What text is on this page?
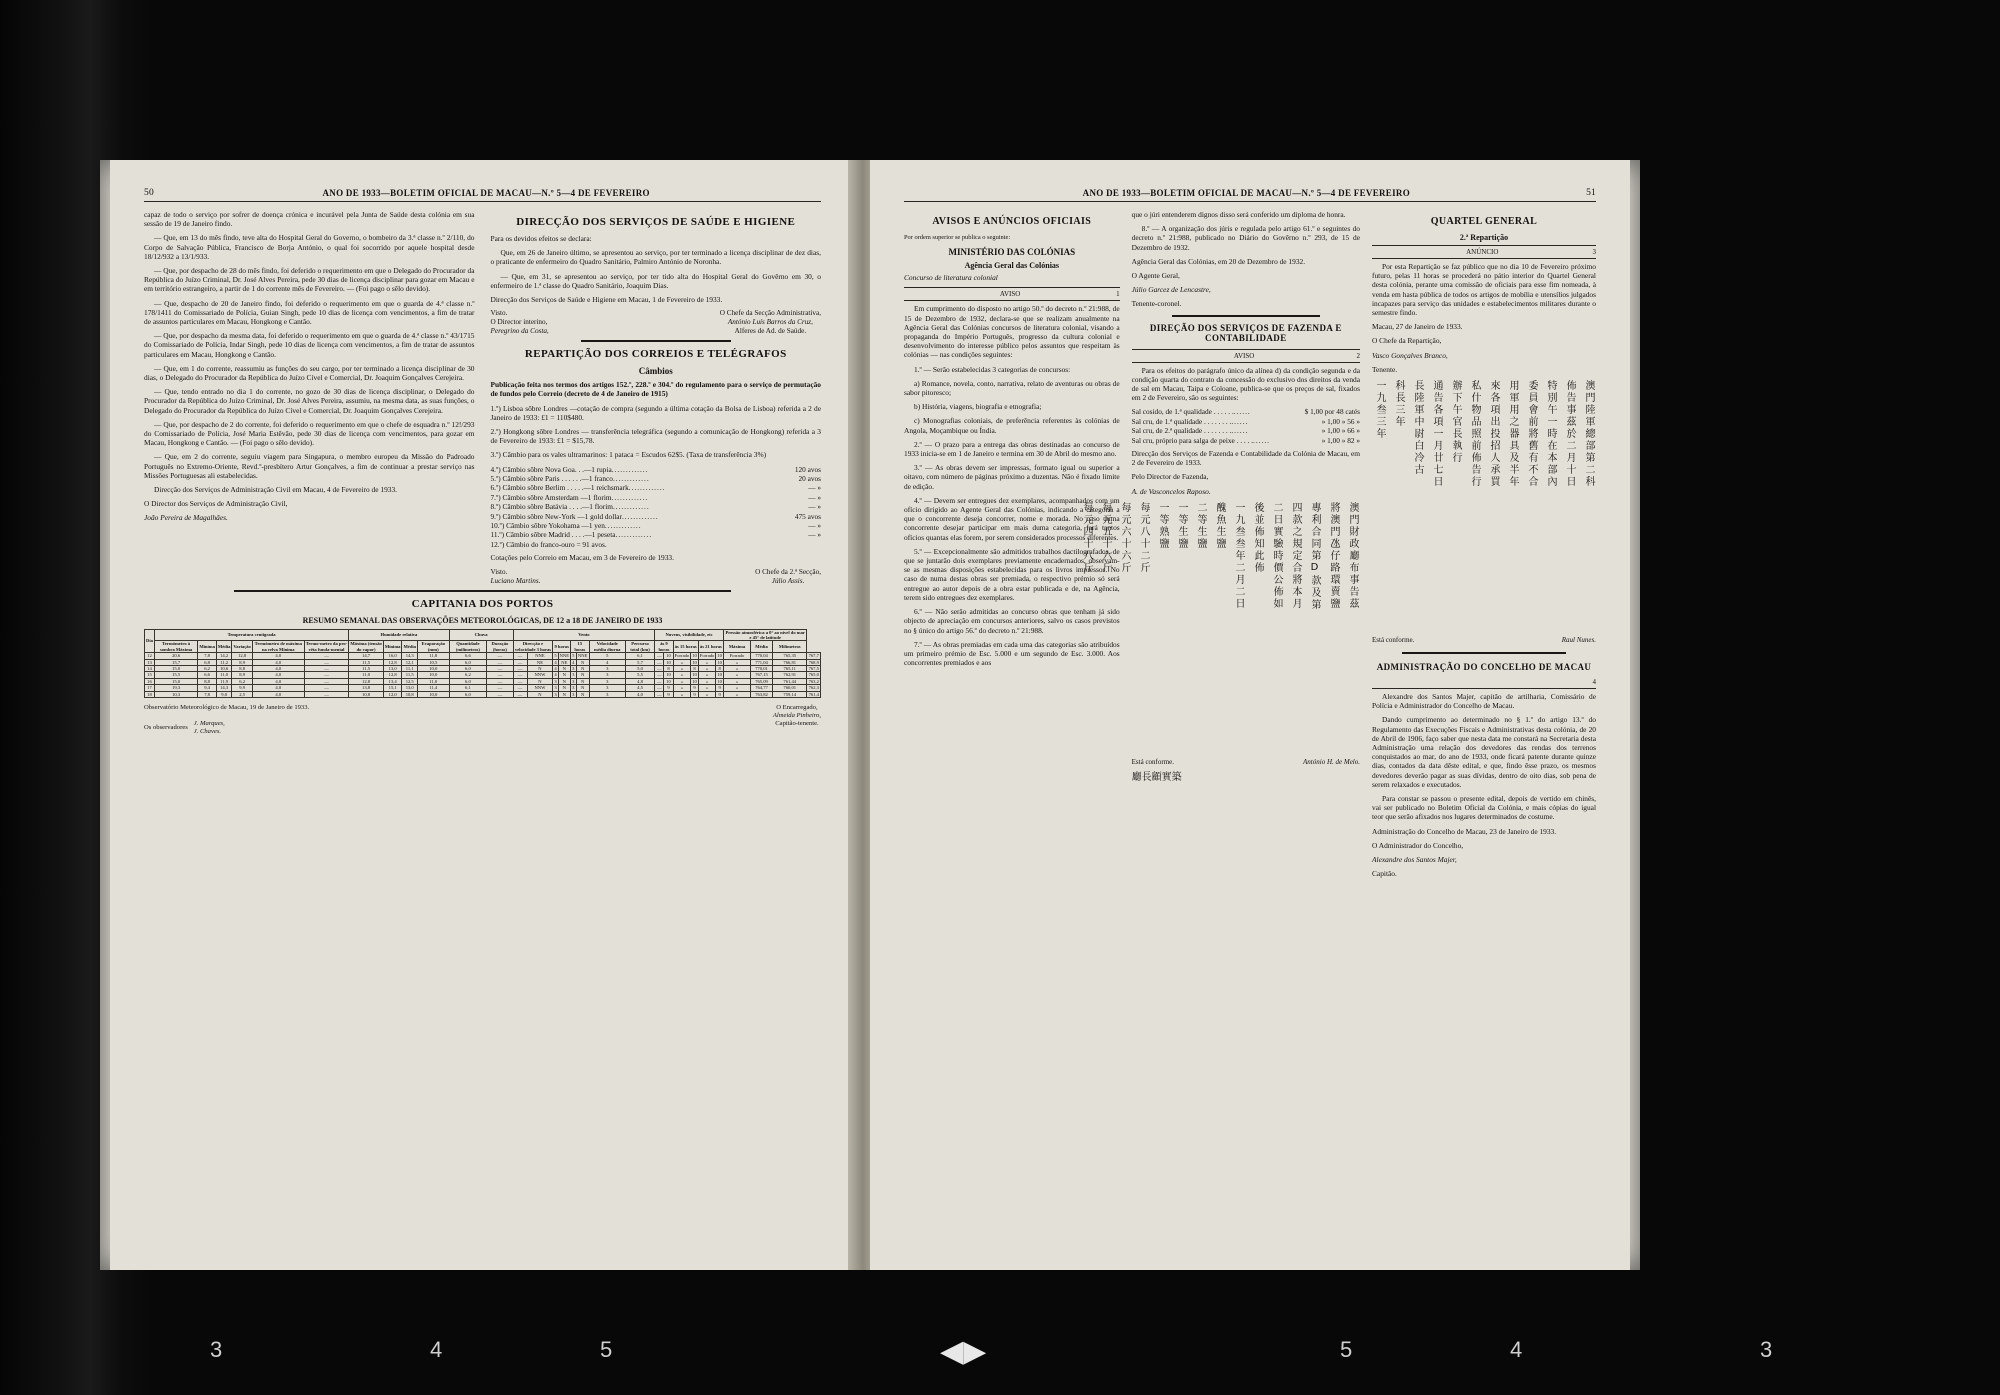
50	ANO DE 1933—BOLETIM OFICIAL DE MACAU—N.º 5—4 DE FEVEREIRO

capaz de todo o serviço por sofrer de doença crónica e incurável pela Junta de Saúde desta colónia em sua sessão de 19 de Janeiro findo.

— Que, em 13 do mês findo, teve alta do Hospital Geral do Governo, o bombeiro da 3.ª classe n.º 2/110, do Corpo de Salvação Pública, Francisco de Borja António, o qual foi socorrido por aquele hospital desde 18/12/932 a 13/1/933.

— Que, por despacho de 28 do mês findo, foi deferido o requerimento em que o Delegado do Procurador da República do Juízo Criminal, Dr. José Alves Pereira, pede 30 dias de licença disciplinar para gozar em Macau e em território estrangeiro, a partir de 1 do corrente mês de Fevereiro. — (Foi pago o sêlo devido).

— Que, despacho de 20 de Janeiro findo, foi deferido o requerimento em que o guarda de 4.ª classe n.º 178/1411 do Comissariado de Polícia, Guian Singh, pede 10 dias de licença com vencimentos, a fim de tratar de assuntos particulares em Macau, Hongkong e Cantão.

— Que, por despacho da mesma data, foi deferido o requerimento em que o guarda de 4.ª classe n.º 43/1715 do Comissariado de Polícia, Indar Singh, pede 10 dias de licença com vencimentos, a fim de tratar de assuntos particulares em Macau, Hongkong e Cantão.

— Que, em 1 do corrente, reassumiu as funções do seu cargo, por ter terminado a licença disciplinar de 30 dias, o Delegado do Procurador da República do Juízo Cível e Comercial, Dr. Joaquim Gonçalves Cerejeira.

— Que, tendo entrado no dia 1 do corrente, no gozo de 30 dias de licença disciplinar, o Delegado do Procurador da República do Juízo Criminal, Dr. José Alves Pereira, assumiu, na mesma data, as suas funções, o Delegado do Procurador da República do Juízo Cível e Comercial, Dr. Joaquim Gonçalves Cerejeira.

— Que, por despacho de 2 do corrente, foi deferido o requerimento em que o chefe de esquadra n.º 12!/293 do Comissariado de Polícia, José Maria Estêvão, pede 30 dias de licença com vencimentos, para gozar em Macau, Hongkong e Cantão. — (Foi pago o sêlo devido).

— Que, em 2 do corrente, seguiu viagem para Singapura, o membro europeu da Missão do Padroado Português no Extremo-Oriente, Revd.º-presbítero Artur Gonçalves, a fim de continuar a prestar serviço nas Missões Portuguesas ali estabelecidas.

Direcção dos Serviços de Administração Civil em Macau, 4 de Fevereiro de 1933.

O Director dos Serviços de Administração Civil,

João Pereira de Magalhães.

DIRECÇÃO DOS SERVIÇOS DE SAÚDE E HIGIENE

Para os devidos efeitos se declara:

Que, em 26 de Janeiro último, se apresentou ao serviço, por ter terminado a licença disciplinar de dez dias, o praticante de enfermeiro do Quadro Sanitário, Palmiro António de Noronha.

— Que, em 31, se apresentou ao serviço, por ter tido alta do Hospital Geral do Govêrno em 30, o enfermeiro de 1.ª classe do Quadro Sanitário, Joaquim Dias.

Direcção dos Serviços de Saúde e Higiene em Macau, 1 de Fevereiro de 1933.

Visto.
O Director interino,
Peregrino da Costa,
O Chefe da Secção Administrativa,
António Luís Barros da Cruz,
Alferes de Ad. de Saúde.
REPARTIÇÃO DOS CORREIOS E TELÉGRAFOS
Câmbios

Publicação feita nos termos dos artigos 152.º, 228.º e 304.º do regulamento para o serviço de permutação de fundos pelo Correio (decreto de 4 de Janeiro de 1915)

1.º) Lisboa sôbre Londres —cotação de compra (segundo a última cotação da Bolsa de Lisboa) referida a 2 de Janeiro de 1933: £1 = 110$480.

2.º) Hongkong sôbre Londres — transferência telegráfica (segundo a comunicação de Hongkong) referida a 3 de Fevereiro de 1933: £1 = $15,78.

3.º) Câmbio para os vales ultramarinos: 1 pataca = Escudos 62$5. (Taxa de transferência 3%)

4.º) Câmbio sôbre Nova Goa. . .—1 rupia .............	120 avos
5.º) Câmbio sôbre Paris . . . . . .—1 franco .............	20 avos
6.º) Câmbio sôbre Berlim . . . . .—1 reichsmark .............	— »
7.º) Câmbio sôbre Amsterdam —1 florim .............	— »
8.º) Câmbio sôbre Batávia . . . .—1 florim .............	— »
9.º) Câmbio sôbre New-York —1 gold dollar .............	475 avos
10.º) Câmbio sôbre Yokohama —1 yen .............	— »
11.º) Câmbio sôbre Madrid . . . .—1 peseta .............	— »
12.º) Câmbio do franco-ouro = 91 avos.

Cotações pelo Correio em Macau, em 3 de Fevereiro de 1933.

Visto.
Luciano Martins.
O Chefe da 2.ª Secção,
Júlio Assis.
CAPITANIA DOS PORTOS
RESUMO SEMANAL DAS OBSERVAÇÕES METEOROLÓGICAS, DE 12 a 18 DE JANEIRO DE 1933
Dia	Temperatura centígrada						Humidade relativa				Chuva		Vento								Nuvens, visibilidade, etc						Pressão atmosférica a 0° ao nível do mar e 45° de latitude			
	Termómetro à sombra Máxima	Mínima	Média	Variação	Termómetro de máxima na relva Mínima	Termo-metro da pro-vêta funda-mental	Máxima (tensão do vapor)	Mínima	Média	Evaporação (mm)	Quantidade (milímetros)	Duração (horas)	Direcção e velocidade 3 horas		9 horas		15 horas		Velocidade média diurna	Percurso total (km)	às 9 horas		às 15 horas		às 21 horas		Máxima	Média	Milímetros	
12	20,6	7,8	14,2	12,8	4,0	—	14,7	16,0	14,3	11,8	6,6	—	—	NNE	5	NNE	5	NNE	5	6,1	—	10	Forrado	10	Forrado	10	Forrado	770,04	765,35	767,7
13	15,7	6,8	11,2	8,9	4,0	—	11,5	12,8	12,1	10,5	6,0	—	—	NE	4	NE	4	N	4	5,7	—	10	»	10	»	10	»	771,04	766,81	768,9
14	15,0	6,2	10,6	8,8	4,0	—	11,5	13,0	11,1	10,0	6,0	—	—	N	4	N	3	N	3	5,0	—	8	»	8	»	8	»	770,01	765,11	767,5
15	15,5	6,6	11,0	8,9	4,0	—	11,0	12,8	11,5	10,0	6,2	—	—	NNW	4	N	3	N	3	5,5	—	10	»	10	»	10	»	767,15	762,91	765,0
16	15,0	8,8	11,9	6,2	4,0	—	12,8	13,4	12,5	11,0	6,0	—	—	N	3	N	3	N	3	4,8	—	10	»	10	»	10	»	765,09	761,44	763,2
17	19,3	9,4	14,3	9,9	4,0	—	13,8	15,1	13,0	11,4	6,1	—	—	NNW	3	N	3	N	3	4,5	—	9	»	9	»	9	»	764,77	760,01	762,3
18	10,3	7,8	9,0	2,5	4,0	—	10,8	12,0	10,8	10,0	6,0	—	—	N	3	N	3	N	3	4,0	—	9	»	9	»	9	»	763,82	759,14	761,4
Observatório Meteorológico de Macau, 19 de Janeiro de 1933.
Os observadores
J. Marques,
J. Chaves.
O Encarregado,
Almeida Pinheiro,
Capitão-tenente.

ANO DE 1933—BOLETIM OFICIAL DE MACAU—N.º 5—4 DE FEVEREIRO	51
AVISOS E ANÚNCIOS OFICIAIS

Por ordem superior se publica o seguinte:

MINISTÉRIO DAS COLÓNIAS
Agência Geral das Colónias

Concurso de literatura colonial

AVISO	1

Em cumprimento do disposto no artigo 50.º do decreto n.º 21:988, de 15 de Dezembro de 1932, declara-se que se realizam anualmente na Agência Geral das Colónias concursos de literatura colonial, visando a propaganda do Império Português, progresso da cultura colonial e desenvolvimento do interesse público pelos assuntos que respeitam às colónias — nas condições seguintes:

1.º — Serão estabelecidas 3 categorias de concursos:

a) Romance, novela, conto, narrativa, relato de aventuras ou obras de sabor pitoresco;

b) História, viagens, biografia e etnografia;

c) Monografias coloniais, de preferência referentes às colónias de Angola, Moçambique ou Índia.

2.º — O prazo para a entrega das obras destinadas ao concurso de 1933 inicia-se em 1 de Janeiro e termina em 30 de Abril do mesmo ano.

3.º — As obras devem ser impressas, formato igual ou superior a oitavo, com número de páginas próximo a duzentas. Não é fixado limite de edição.

4.º — Devem ser entregues dez exemplares, acompanhados com um ofício dirigido ao Agente Geral das Colónias, indicando a categoria a que o concorrente deseja concorrer, nome e morada. No caso duma concorrente desejar participar em mais duma categoria, fará tantos ofícios quantas elas forem, por serem considerados processos diferentes.

5.º — Excepcionalmente são admitidos trabalhos dactilografados, de que se juntarão dois exemplares previamente encadernados, observam-se as mesmas disposições estabelecidas para os livros impressos. No caso de numa destas obras ser premiada, o respectivo prémio só será entregue ao autor depois de a obra estar publicada e de, na Agência, terem sido entregues dez exemplares.

6.º — Não serão admitidas ao concurso obras que tenham já sido objecto de apreciação em concursos anteriores, salvo os casos previstos no § único do artigo 56.º do decreto n.º 21:988.

7.º — As obras premiadas em cada uma das categorias são atribuídos um primeiro prémio de Esc. 5.000 e um segundo de Esc. 3.000. Aos concorrentes premiados e aos

que o júri entenderem dignos disso será conferido um diploma de honra.

8.º — A organização dos júris e regulada pelo artigo 61.º e seguintes do decreto n.º 21:988, publicado no Diário do Govêrno n.º 293, de 15 de Dezembro de 1932.

Agência Geral das Colónias, em 20 de Dezembro de 1932.

O Agente Geral,

Júlio Garcez de Lencastre,

Tenente-coronel.

DIREÇÃO DOS SERVIÇOS DE FAZENDA E CONTABILIDADE
AVISO	2

Para os efeitos do parágrafo único da alínea d) da condição segunda e da condição quarta do contrato da concessão do exclusivo dos direitos da venda de sal em Macau, Taipa e Coloane, publica-se que os preços de sal, fixados em 2 de Fevereiro, são os seguintes:

Sal cosido, de 1.ª qualidade . . . . . . ......	$ 1,00 por 48 catés
Sal cru, de 1.ª qualidade . . . . . . . . ......	» 1,00 » 56 »
Sal cru, de 2.ª qualidade . . . . . . . . ......	» 1,00 » 66 »
Sal cru, próprio para salga de peixe . . . . . ......	» 1,00 » 82 »

Direcção dos Serviços de Fazenda e Contabilidade da Colónia de Macau, em 2 de Fevereiro de 1933.

Pelo Director de Fazenda,

A. de Vasconcelos Raposo.

澳門財政廳布事告茲
將澳門氹仔路環賣鹽
專利合同第D款及第
四款之規定合將本月
二日實驗時價公佈如
後並佈知此佈
一九叁叁年二月二日
醜魚生鹽
二等生鹽
一等生鹽
一等熟鹽
每元八十二斤
每元六十六斤
每元五十六斤
每元四十八斤
Está conforme.	António H. de Melo.
廳長顧實築
QUARTEL GENERAL
2.ª Repartição
ANÚNCIO	3

Por esta Repartição se faz público que no dia 10 de Fevereiro próximo futuro, pelas 11 horas se procederá no pátio interior do Quartel General desta colónia, perante uma comissão de oficiais para esse fim nomeada, à venda em hasta pública de todos os artigos de mobília e utensílios julgados incapazes para serviço das unidades e estabelecimentos militares durante o semestre findo.

Macau, 27 de Janeiro de 1933.

O Chefe da Repartição,

Vasco Gonçalves Branco,

Tenente.

澳門陸軍總部第二科
佈告事茲於二月十日
特別午一時在本部內
委員會前將舊有不合
用軍用之器具及半年
來各項出投招人承買
私什物品照前佈告行
辦下午官長執行
通告各項一月廿七日
長陸軍中尉白冷古
科長三年
一九叁三年
Está conforme.	Raul Nunes.
ADMINISTRAÇÃO DO CONCELHO DE MACAU
4

Alexandre dos Santos Majer, capitão de artilharia, Comissário de Polícia e Administrador do Concelho de Macau.

Dando cumprimento ao determinado no § 1.º do artigo 13.º do Regulamento das Execuções Fiscais e Administrativas desta colónia, de 20 de Abril de 1906, faço saber que nesta data me constará na Secretaria desta Administração uma relação dos devedores das rendas dos terrenos conquistados ao mar, do ano de 1933, onde ficará patente durante quinze dias, contados da data dêste edital, e que, findo êsse prazo, os mesmos devedores deverão pagar as suas dívidas, dentro de oito dias, sob pena de serem relaxados e executados.

Para constar se passou o presente edital, depois de vertido em chinês, vai ser publicado no Boletim Oficial da Colónia, e mais cópias do igual teor que serão afixados nos lugares determinados de costume.

Administração do Concelho de Macau, 23 de Janeiro de 1933.

O Administrador do Concelho,

Alexandre dos Santos Majer,

Capitão.

3	4	5	5	4	3
◀▶
